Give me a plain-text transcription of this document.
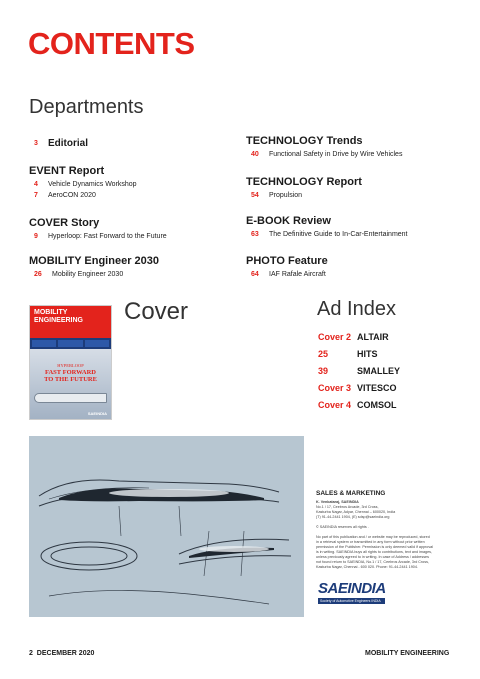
CONTENTS
Departments
3	Editorial
EVENT Report
4 Vehicle Dynamics Workshop
7 AeroCON 2020
COVER Story
9 Hyperloop: Fast Forward to the Future
MOBILITY Engineer 2030
26 Mobility Engineer 2030
TECHNOLOGY Trends
40 Functional Safety in Drive by Wire Vehicles
TECHNOLOGY Report
54 Propulsion
E-BOOK Review
63 The Definitive Guide to In-Car-Entertainment
PHOTO Feature
64 IAF Rafale Aircraft
MOBILITY
ENGINEERING
HYPERLOOP
FAST FORWARD
TO THE FUTURE
SAEINDIA
Cover	Ad Index
Cover 2 ALTAIR
25	HITS
39	SMALLEY
Cover 3 VITESCO
Cover 4 COMSOL
SALES & MARKETING

K. Venkataraj, SAEINDIA

No.1 / 17, Ceebros Arcade, 3rd Cross,

Kasturba Nagar, Adyar, Chennai – 600020, India

(T) 91-44-2441 1904, (E) sdsp@saeindia.org

© SAEINDIA reserves all rights .

No part of this publication and / or website may be reproduced, stored

in a retrieval system or transmitted in any form without prior written

permission of the Publisher. Permission is only deemed valid if approval

is in writing. SAEINDIA buys all rights to contributions, text and images,

unless previously agreed to in writing. In case of Address / addresses

not found return to SAEINDIA, No.1 / 17, Ceebros Arcade, 3rd Cross,

Kasturba Nagar, Chennai - 600 020. Phone: 91-44-2441 1904.

SAEINDIA
Society of Automotive Engineers INDIA
2 DECEMBER 2020	MOBILITY ENGINEERING
